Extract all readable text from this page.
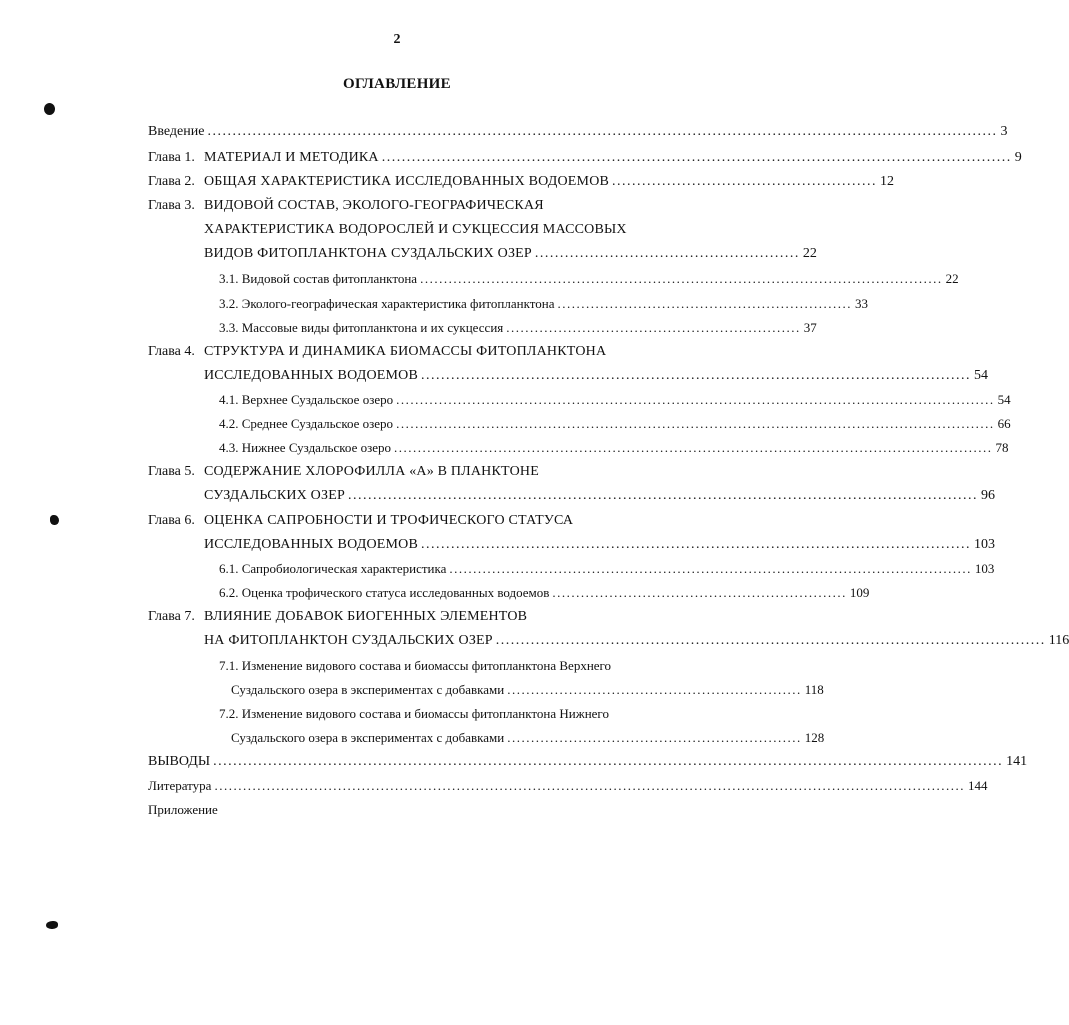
2
ОГЛАВЛЕНИЕ
Введение .............................................................................................................................................................. 3
Глава 1. МАТЕРИАЛ И МЕТОДИКА .............................................................................................................................. 9
Глава 2. ОБЩАЯ ХАРАКТЕРИСТИКА ИССЛЕДОВАННЫХ ВОДОЕМОВ ..................................................... 12
Глава 3. ВИДОВОЙ СОСТАВ, ЭКОЛОГО-ГЕОГРАФИЧЕСКАЯ
ХАРАКТЕРИСТИКА ВОДОРОСЛЕЙ И СУКЦЕССИЯ МАССОВЫХ
ВИДОВ ФИТОПЛАНКТОНА СУЗДАЛЬСКИХ ОЗЕР ..................................................... 22
3.1. Видовой состав фитопланктона .............................................................................................................. 22
3.2. Эколого-географическая характеристика фитопланктона .............................................................. 33
3.3. Массовые виды фитопланктона и их сукцессия .............................................................. 37
Глава 4. СТРУКТУРА И ДИНАМИКА БИОМАССЫ ФИТОПЛАНКТОНА
ИССЛЕДОВАННЫХ ВОДОЕМОВ .............................................................................................................. 54
4.1. Верхнее Суздальское озеро .............................................................................................................................. 54
4.2. Среднее Суздальское озеро .............................................................................................................................. 66
4.3. Нижнее Суздальское озеро .............................................................................................................................. 78
Глава 5. СОДЕРЖАНИЕ ХЛОРОФИЛЛА «А» В ПЛАНКТОНЕ
СУЗДАЛЬСКИХ ОЗЕР .............................................................................................................................. 96
Глава 6. ОЦЕНКА САПРОБНОСТИ И ТРОФИЧЕСКОГО СТАТУСА
ИССЛЕДОВАННЫХ ВОДОЕМОВ .............................................................................................................. 103
6.1. Сапробиологическая характеристика .............................................................................................................. 103
6.2. Оценка трофического статуса исследованных водоемов .............................................................. 109
Глава 7. ВЛИЯНИЕ ДОБАВОК БИОГЕННЫХ ЭЛЕМЕНТОВ
НА ФИТОПЛАНКТОН СУЗДАЛЬСКИХ ОЗЕР .............................................................................................................. 116
7.1. Изменение видового состава и биомассы фитопланктона Верхнего
Суздальского озера в экспериментах с добавками .............................................................. 118
7.2. Изменение видового состава и биомассы фитопланктона Нижнего
Суздальского озера в экспериментах с добавками .............................................................. 128
ВЫВОДЫ .............................................................................................................................................................. 141
Литература .............................................................................................................................................................. 144
Приложение
